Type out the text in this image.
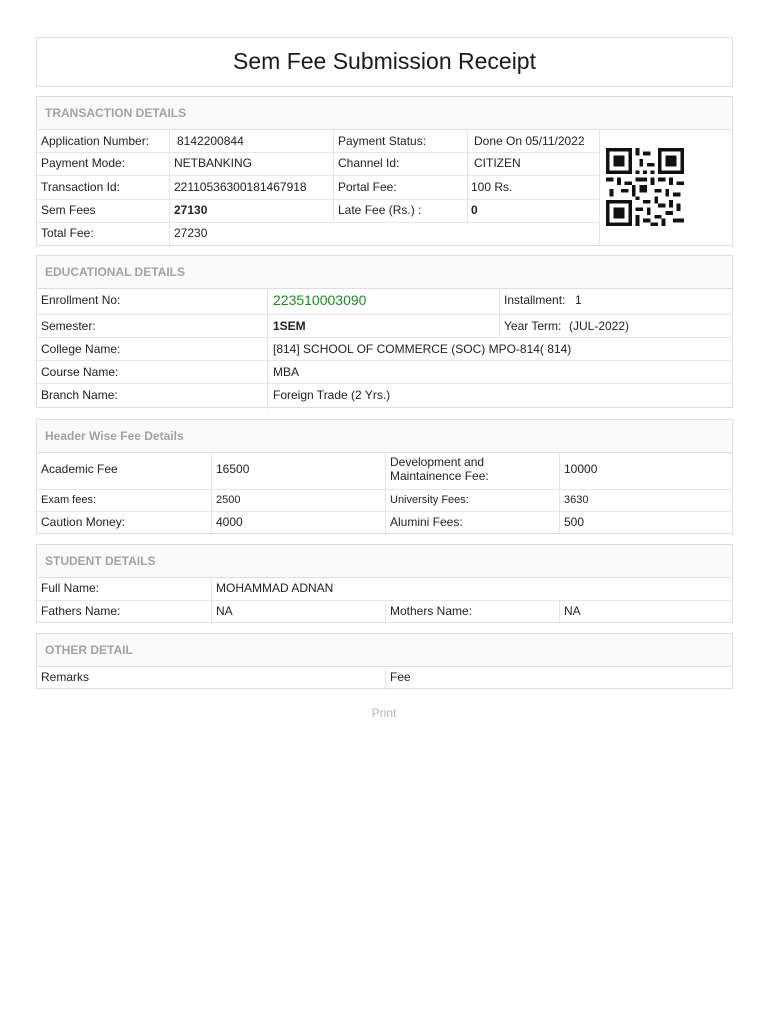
Sem Fee Submission Receipt
TRANSACTION DETAILS
Application Number: 8142200844	Payment Status:	Done On 05/11/2022
Payment Mode:	NETBANKING	Channel Id:	CITIZEN
Transaction Id:	22110536300181467918	Portal Fee:	100 Rs.
Sem Fees	27130	Late Fee (Rs.) :	0
Total Fee:	27230
EDUCATIONAL DETAILS
Enrollment No:	223510003090	Installment: 1
Semester:	1SEM	Year Term: (JUL-2022)
College Name:	[814] SCHOOL OF COMMERCE (SOC) MPO-814( 814)
Course Name:	MBA
Branch Name:	Foreign Trade (2 Yrs.)
Header Wise Fee Details
Academic Fee	16500	Development and Maintainence Fee:	10000
Exam fees:	2500	University Fees:	3630
Caution Money:	4000	Alumini Fees:	500
STUDENT DETAILS
Full Name:	MOHAMMAD ADNAN
Fathers Name:	NA	Mothers Name:	NA
OTHER DETAIL
Remarks	Fee
Print
